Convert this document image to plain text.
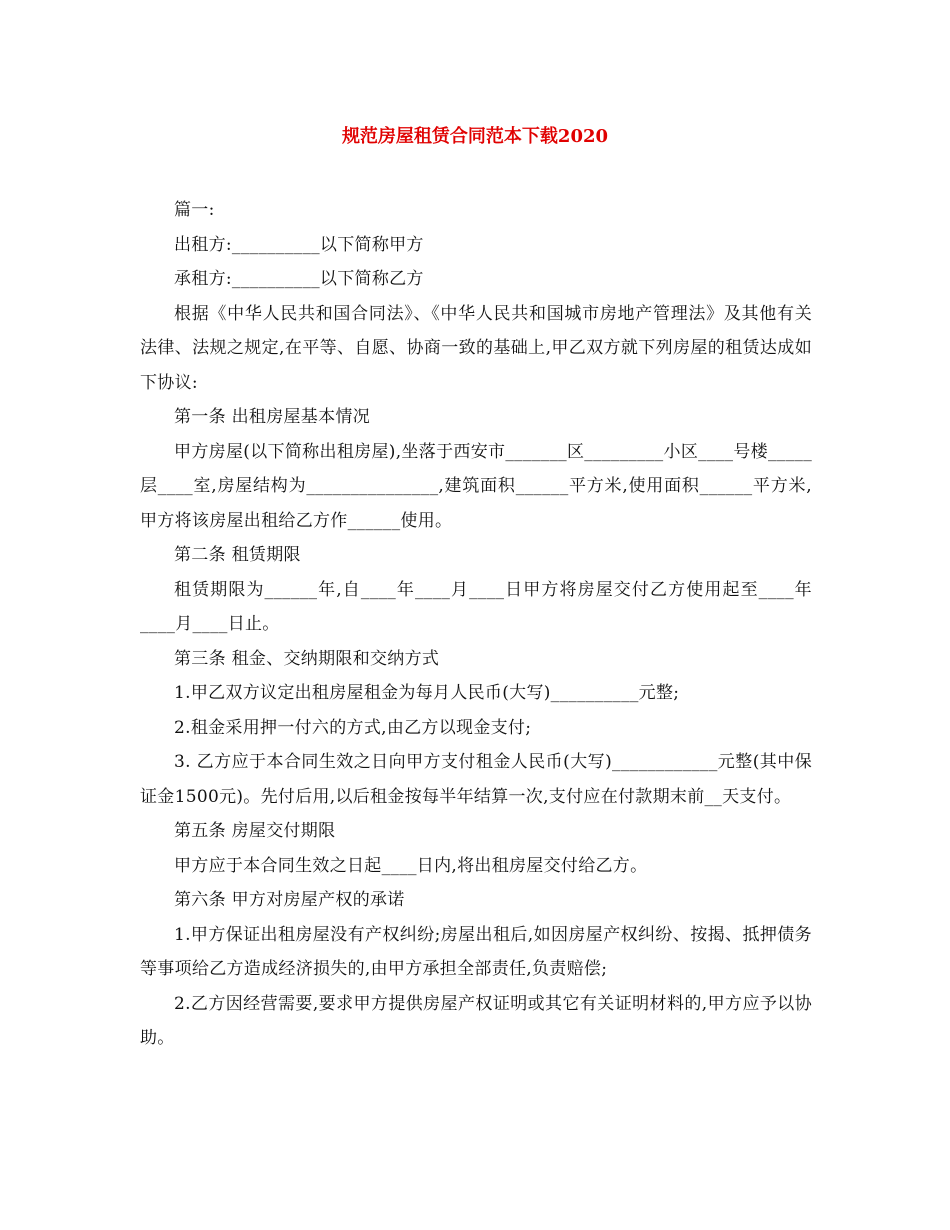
规范房屋租赁合同范本下载2020

篇一:

出租方:__________以下简称甲方

承租方:__________以下简称乙方

根据《中华人民共和国合同法》、《中华人民共和国城市房地产管理法》及其他有关法律、法规之规定,在平等、自愿、协商一致的基础上,甲乙双方就下列房屋的租赁达成如下协议:

第一条 出租房屋基本情况

甲方房屋(以下简称出租房屋),坐落于西安市_______区_________小区____号楼_____层____室,房屋结构为_______________,建筑面积______平方米,使用面积______平方米,甲方将该房屋出租给乙方作______使用。

第二条 租赁期限

租赁期限为______年,自____年____月____日甲方将房屋交付乙方使用起至____年____月____日止。

第三条 租金、交纳期限和交纳方式

1.甲乙双方议定出租房屋租金为每月人民币(大写)__________元整;

2.租金采用押一付六的方式,由乙方以现金支付;

3. 乙方应于本合同生效之日向甲方支付租金人民币(大写)____________元整(其中保证金1500元)。先付后用,以后租金按每半年结算一次,支付应在付款期末前__天支付。

第五条 房屋交付期限

甲方应于本合同生效之日起____日内,将出租房屋交付给乙方。

第六条 甲方对房屋产权的承诺

1.甲方保证出租房屋没有产权纠纷;房屋出租后,如因房屋产权纠纷、按揭、抵押债务等事项给乙方造成经济损失的,由甲方承担全部责任,负责赔偿;

2.乙方因经营需要,要求甲方提供房屋产权证明或其它有关证明材料的,甲方应予以协助。
